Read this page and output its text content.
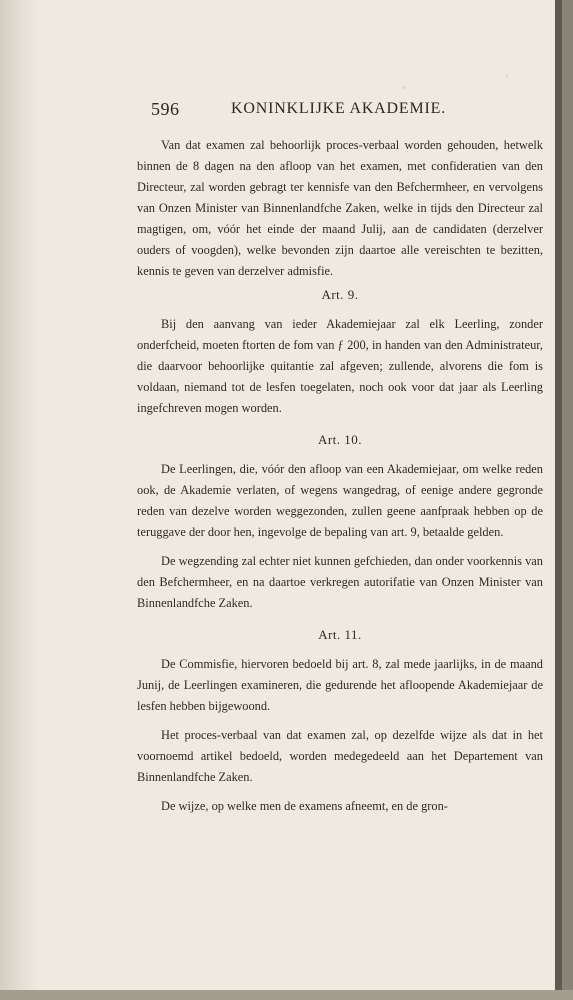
596	KONINKLIJKE AKADEMIE.

Van dat examen zal behoorlijk proces-verbaal worden gehouden, hetwelk binnen de 8 dagen na den afloop van het examen, met confideratien van den Directeur, zal worden gebragt ter kennisfe van den Befchermheer, en vervolgens van Onzen Minister van Binnenlandfche Zaken, welke in tijds den Directeur zal magtigen, om, vóór het einde der maand Julij, aan de candidaten (derzelver ouders of voogden), welke bevonden zijn daartoe alle vereischten te bezitten, kennis te geven van derzelver admisfie.

Art. 9.

Bij den aanvang van ieder Akademiejaar zal elk Leerling, zonder onderfcheid, moeten ftorten de fom van ƒ 200, in handen van den Administrateur, die daarvoor behoorlijke quitantie zal afgeven; zullende, alvorens die fom is voldaan, niemand tot de lesfen toegelaten, noch ook voor dat jaar als Leerling ingefchreven mogen worden.

Art. 10.

De Leerlingen, die, vóór den afloop van een Akademiejaar, om welke reden ook, de Akademie verlaten, of wegens wangedrag, of eenige andere gegronde reden van dezelve worden weggezonden, zullen geene aanfpraak hebben op de teruggave der door hen, ingevolge de bepaling van art. 9, betaalde gelden.

De wegzending zal echter niet kunnen gefchieden, dan onder voorkennis van den Befchermheer, en na daartoe verkregen autorifatie van Onzen Minister van Binnenlandfche Zaken.

Art. 11.

De Commisfie, hiervoren bedoeld bij art. 8, zal mede jaarlijks, in de maand Junij, de Leerlingen examineren, die gedurende het afloopende Akademiejaar de lesfen hebben bijgewoond.

Het proces-verbaal van dat examen zal, op dezelfde wijze als dat in het voornoemd artikel bedoeld, worden medegedeeld aan het Departement van Binnenlandfche Zaken.

De wijze, op welke men de examens afneemt, en de gron-
